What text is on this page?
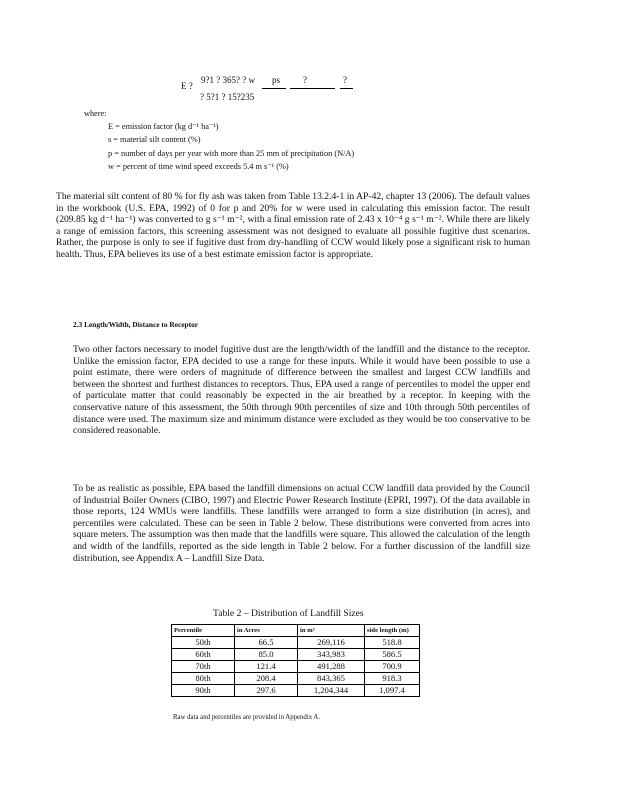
E ?
9?1 ? 365? ? w
? 5?1 ? 15?235
ps	?	?
where:
E = emission factor (kg d⁻¹ ha⁻¹)
s = material silt content (%)
p = number of days per year with more than 25 mm of precipitation (N/A)
w = percent of time wind speed exceeds 5.4 m s⁻¹ (%)
The material silt content of 80 % for fly ash was taken from Table 13.2.4-1 in AP-42, chapter 13 (2006). The default values in the workbook (U.S. EPA, 1992) of 0 for p and 20% for w were used in calculating this emission factor. The result (209.85 kg d⁻¹ ha⁻¹) was converted to g s⁻¹ m⁻², with a final emission rate of 2.43 x 10⁻⁴ g s⁻¹ m⁻². While there are likely a range of emission factors, this screening assessment was not designed to evaluate all possible fugitive dust scenarios. Rather, the purpose is only to see if fugitive dust from dry-handling of CCW would likely pose a significant risk to human health. Thus, EPA believes its use of a best estimate emission factor is appropriate.
2.3 Length/Width, Distance to Receptor
Two other factors necessary to model fugitive dust are the length/width of the landfill and the distance to the receptor. Unlike the emission factor, EPA decided to use a range for these inputs. While it would have been possible to use a point estimate, there were orders of magnitude of difference between the smallest and largest CCW landfills and between the shortest and furthest distances to receptors. Thus, EPA used a range of percentiles to model the upper end of particulate matter that could reasonably be expected in the air breathed by a receptor. In keeping with the conservative nature of this assessment, the 50th through 90th percentiles of size and 10th through 50th percentiles of distance were used. The maximum size and minimum distance were excluded as they would be too conservative to be considered reasonable.
To be as realistic as possible, EPA based the landfill dimensions on actual CCW landfill data provided by the Council of Industrial Boiler Owners (CIBO, 1997) and Electric Power Research Institute (EPRI, 1997). Of the data available in those reports, 124 WMUs were landfills. These landfills were arranged to form a size distribution (in acres), and percentiles were calculated. These can be seen in Table 2 below. These distributions were converted from acres into square meters. The assumption was then made that the landfills were square. This allowed the calculation of the length and width of the landfills, reported as the side length in Table 2 below. For a further discussion of the landfill size distribution, see Appendix A – Landfill Size Data.
Table 2 – Distribution of Landfill Sizes
Percentile	in Acres	in m²	side length (m)
50th	66.5	269,116	518.8
60th	85.0	343,983	586.5
70th	121.4	491,288	700.9
80th	208.4	843,365	918.3
90th	297.6	1,204,344	1,097.4
Raw data and percentiles are provided in Appendix A.
